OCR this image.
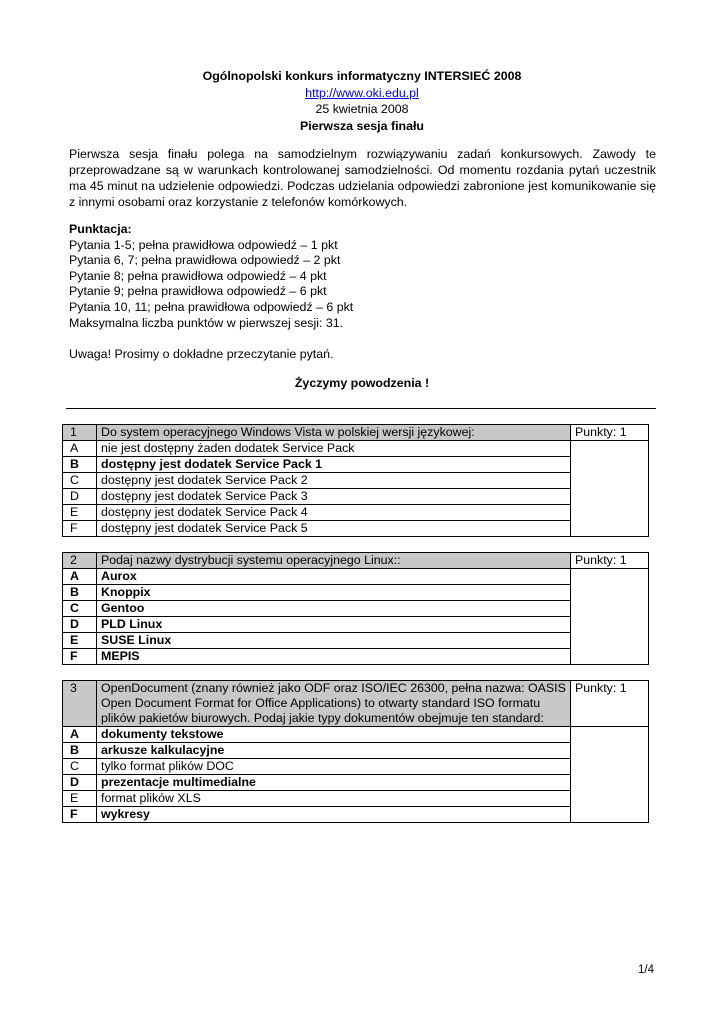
Ogólnopolski konkurs informatyczny INTERSIEĆ 2008
http://www.oki.edu.pl
25 kwietnia 2008
Pierwsza sesja finału
Pierwsza sesja finału polega na samodzielnym rozwiązywaniu zadań konkursowych. Zawody te przeprowadzane są w warunkach kontrolowanej samodzielności. Od momentu rozdania pytań uczestnik ma 45 minut na udzielenie odpowiedzi. Podczas udzielania odpowiedzi zabronione jest komunikowanie się z innymi osobami oraz korzystanie z telefonów komórkowych.
Punktacja:
Pytania 1-5; pełna prawidłowa odpowiedź – 1 pkt
Pytania 6, 7; pełna prawidłowa odpowiedź – 2 pkt
Pytanie 8; pełna prawidłowa odpowiedź – 4 pkt
Pytanie 9; pełna prawidłowa odpowiedź – 6 pkt
Pytania 10, 11; pełna prawidłowa odpowiedź – 6 pkt
Maksymalna liczba punktów w pierwszej sesji: 31.
Uwaga! Prosimy o dokładne przeczytanie pytań.
Życzymy powodzenia !
1	Do system operacyjnego Windows Vista w polskiej wersji językowej:	Punkty: 1
A	nie jest dostępny żaden dodatek Service Pack	
B	dostępny jest dodatek Service Pack 1	
C	dostępny jest dodatek Service Pack 2	
D	dostępny jest dodatek Service Pack 3	
E	dostępny jest dodatek Service Pack 4	
F	dostępny jest dodatek Service Pack 5	
2	Podaj nazwy dystrybucji systemu operacyjnego Linux::	Punkty: 1
A	Aurox	
B	Knoppix	
C	Gentoo	
D	PLD Linux	
E	SUSE Linux	
F	MEPIS	
3	OpenDocument (znany również jako ODF oraz ISO/IEC 26300, pełna nazwa: OASIS Open Document Format for Office Applications) to otwarty standard ISO formatu plików pakietów biurowych. Podaj jakie typy dokumentów obejmuje ten standard:	Punkty: 1
A	dokumenty tekstowe	
B	arkusze kalkulacyjne	
C	tylko format plików DOC	
D	prezentacje multimedialne	
E	format plików XLS	
F	wykresy	
1/4
